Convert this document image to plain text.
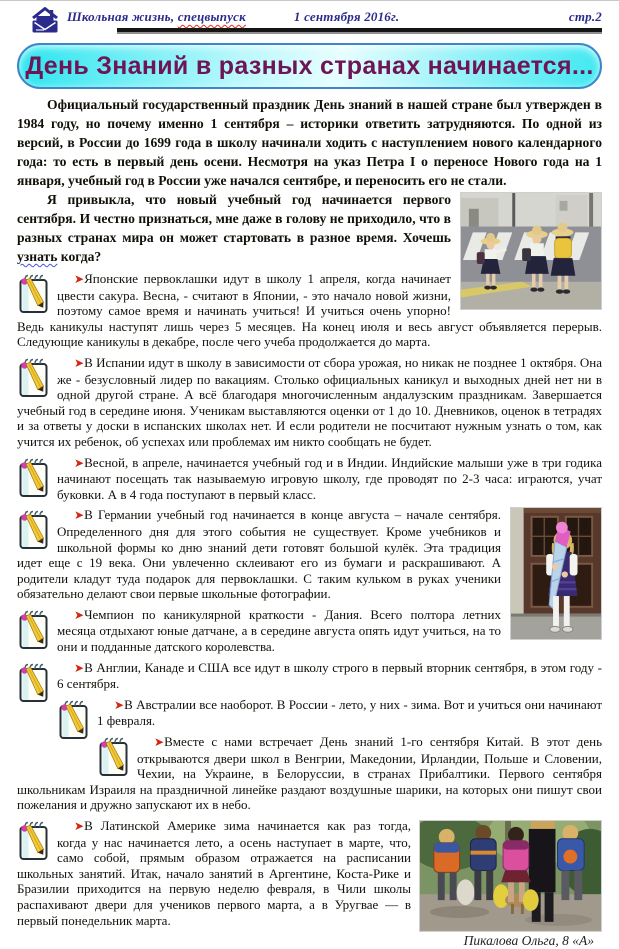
Школьная жизнь, спецвыпуск	1 сентября 2016г.	стр.2
День Знаний в разных странах начинается...

Официальный государственный праздник День знаний в нашей стране был утвержден в 1984 году, но почему именно 1 сентября – историки ответить затрудняются. По одной из версий, в России до 1699 года в школу начинали ходить с наступлением нового календарного года: то есть в первый день осени. Несмотря на указ Петра I о переносе Нового года на 1 января, учебный год в России уже начался сентябре, и переносить его не стали.

Я привыкла, что новый учебный год начинается первого сентября. И честно признаться, мне даже в голову не приходило, что в разных странах мира он может стартовать в разное время. Хочешь узнать когда?

➤Японские первоклашки идут в школу 1 апреля, когда начинает цвести сакура. Весна, - считают в Японии, - это начало новой жизни, поэтому самое время и начинать учиться! И учиться очень упорно! Ведь каникулы наступят лишь через 5 месяцев. На конец июля и весь август объявляется перерыв. Следующие каникулы в декабре, после чего учеба продолжается до марта.
➤В Испании идут в школу в зависимости от сбора урожая, но никак не позднее 1 октября. Она же - безусловный лидер по вакациям. Столько официальных каникул и выходных дней нет ни в одной другой стране. А всё благодаря многочисленным андалузским праздникам. Завершается учебный год в середине июня. Ученикам выставляются оценки от 1 до 10. Дневников, оценок в тетрадях и за ответы у доски в испанских школах нет. И если родители не посчитают нужным узнать о том, как учится их ребенок, об успехах или проблемах им никто сообщать не будет.
➤Весной, в апреле, начинается учебный год и в Индии. Индийские малыши уже в три годика начинают посещать так называемую игровую школу, где проводят по 2-3 часа: играются, учат буковки. А в 4 года поступают в первый класс.
➤В Германии учебный год начинается в конце августа – начале сентября. Определенного дня для этого события не существует. Кроме учебников и школьной формы ко дню знаний дети готовят большой кулёк. Эта традиция идет еще с 19 века. Они увлеченно склеивают его из бумаги и раскрашивают. А родители кладут туда подарок для первоклашки. С таким кульком в руках ученики обязательно делают свои первые школьные фотографии.
➤Чемпион по каникулярной краткости - Дания. Всего полтора летних месяца отдыхают юные датчане, а в середине августа опять идут учиться, на то они и подданные датского королевства.
➤В Англии, Канаде и США все идут в школу строго в первый вторник сентября, в этом году - 6 сентября.
➤В Австралии все наоборот. В России - лето, у них - зима. Вот и учиться они начинают 1 февраля.
➤Вместе с нами встречает День знаний 1-го сентября Китай. В этот день открываются двери школ в Венгрии, Македонии, Ирландии, Польше и Словении, Чехии, на Украине, в Белоруссии, в странах Прибалтики. Первого сентября школьникам Израиля на праздничной линейке раздают воздушные шарики, на которых они пишут свои пожелания и дружно запускают их в небо.
➤В Латинской Америке зима начинается как раз тогда, когда у нас начинается лето, а осень наступает в марте, что, само собой, прямым образом отражается на расписании школьных занятий. Итак, начало занятий в Аргентине, Коста-Рике и Бразилии приходится на первую неделю февраля, в Чили школы распахивают двери для учеников первого марта, а в Уругвае — в первый понедельник марта.
Пикалова Ольга, 8 «А»
